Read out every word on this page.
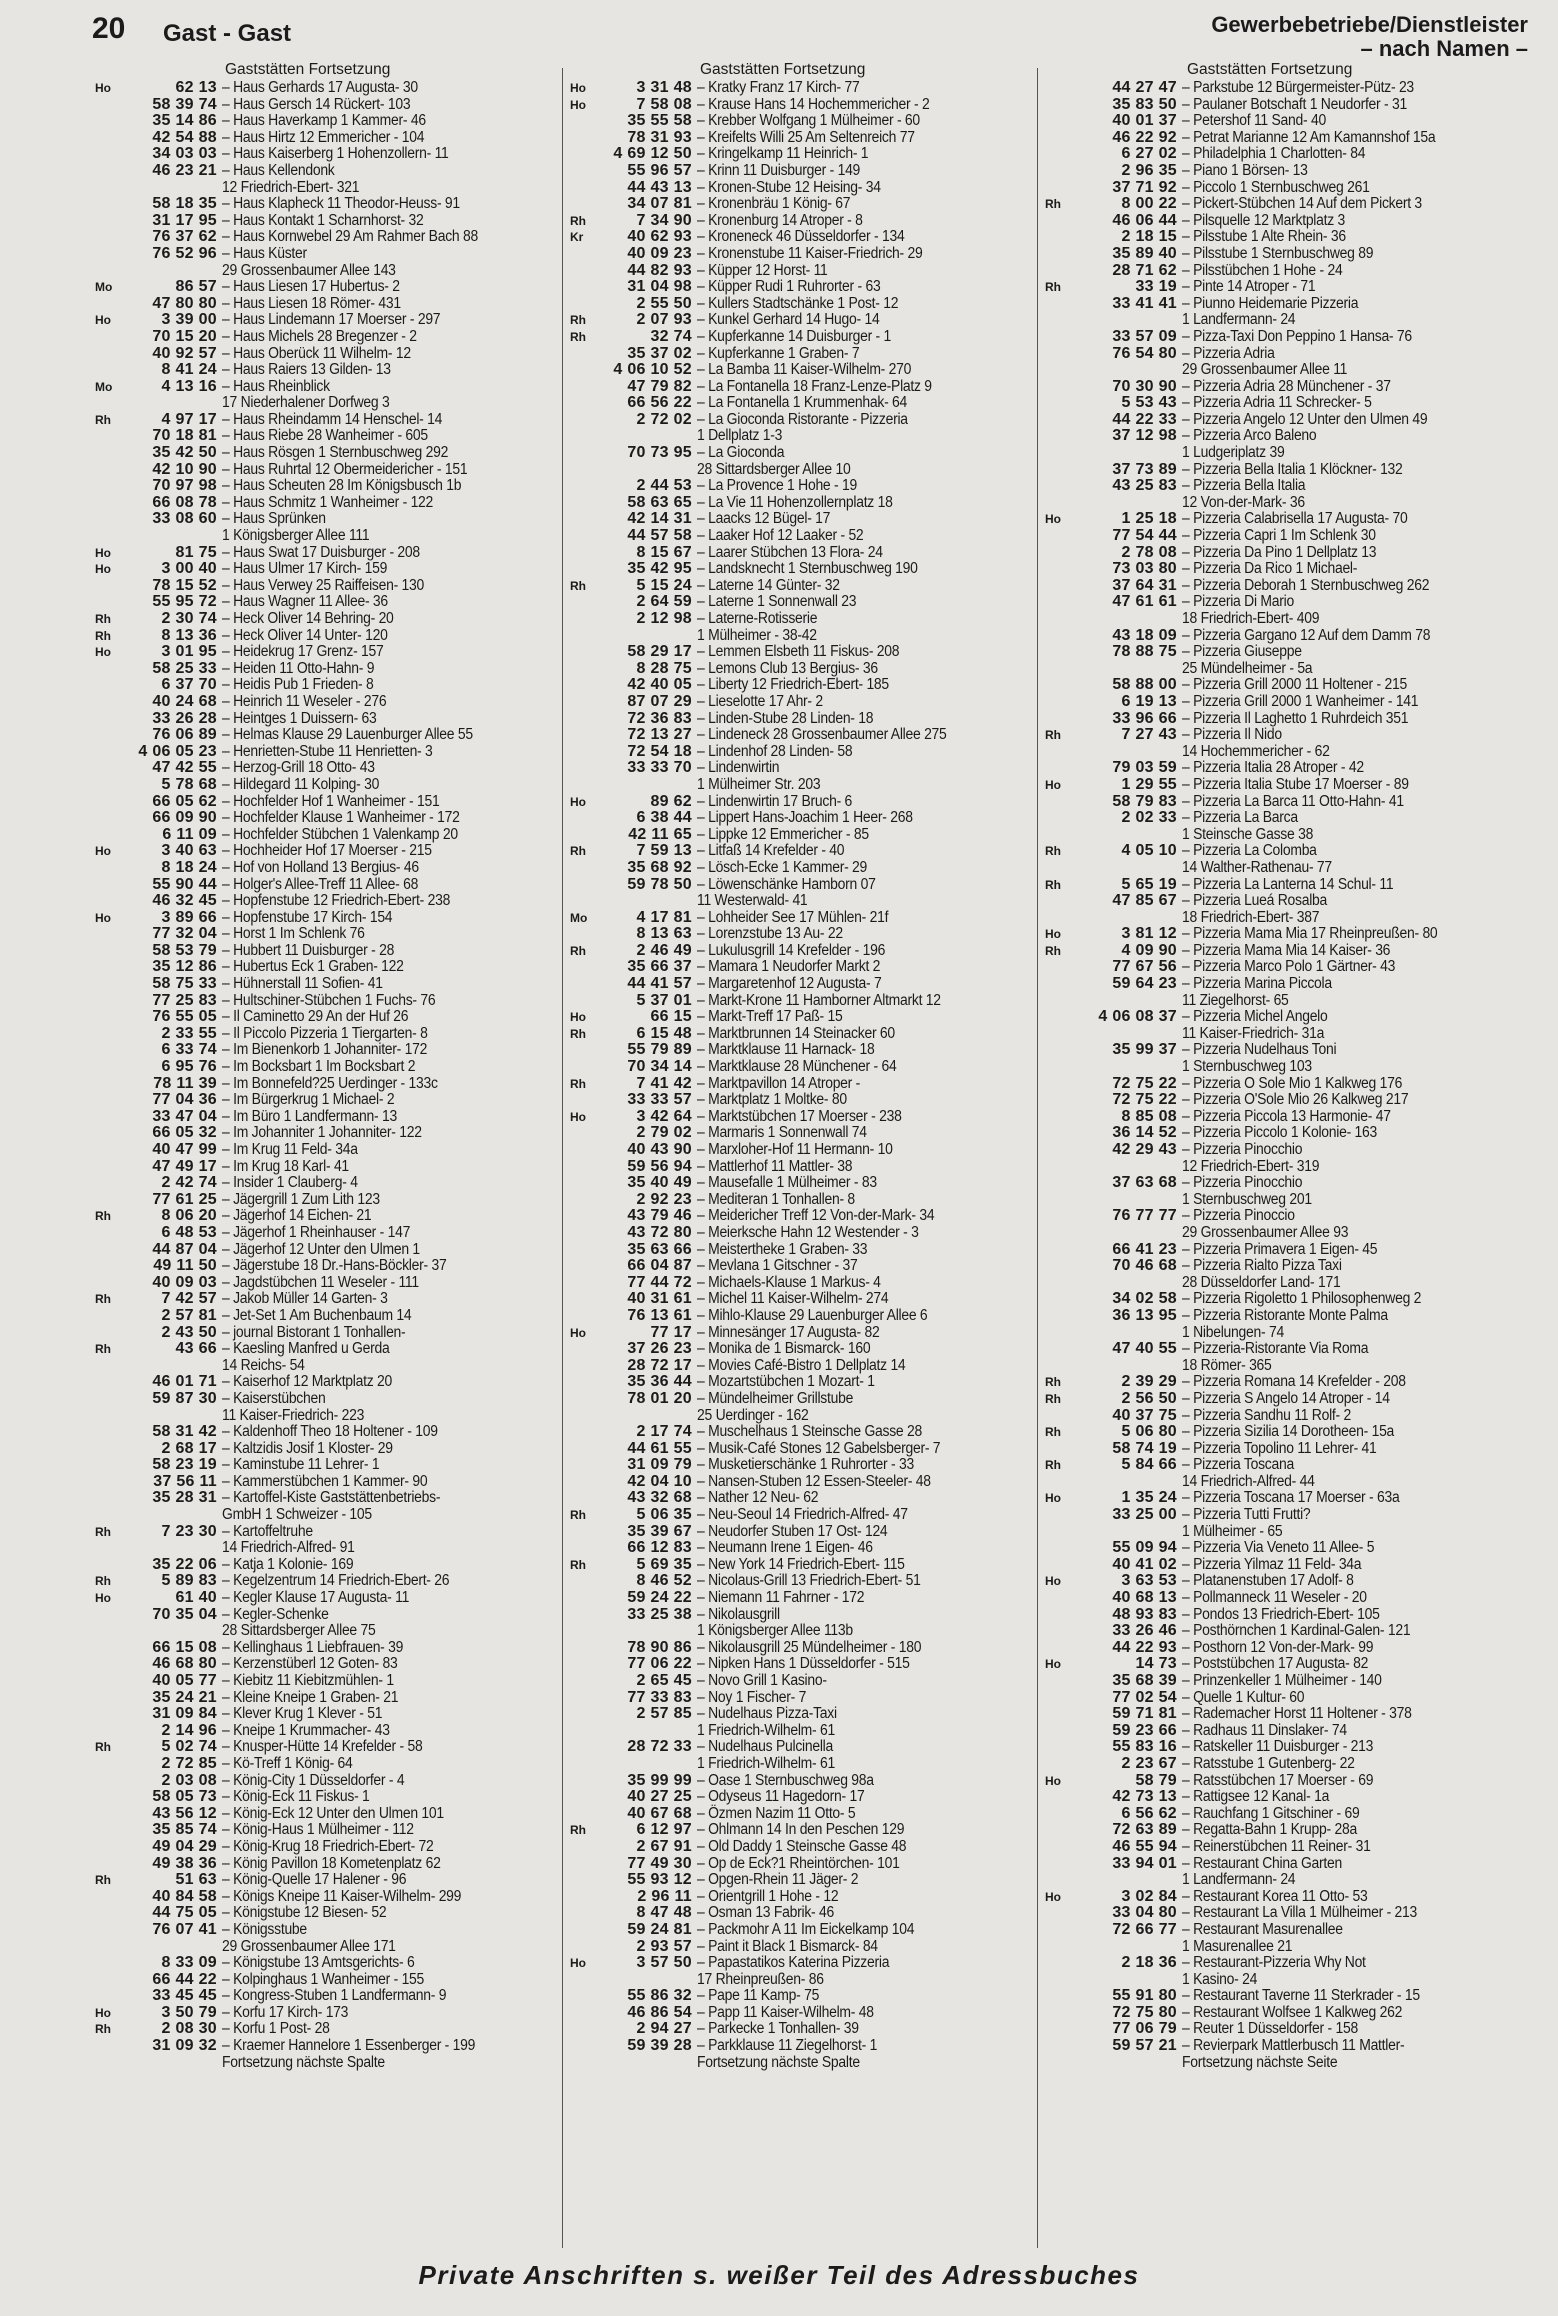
20 Gast - Gast	Gewerbebetriebe/Dienstleister
– nach Namen –
Gaststätten Fortsetzung
Ho	62 13 – Haus Gerhards 17 Augusta- 30
58 39 74 – Haus Gersch 14 Rückert- 103
35 14 86 – Haus Haverkamp 1 Kammer- 46
42 54 88 – Haus Hirtz 12 Emmericher - 104
34 03 03 – Haus Kaiserberg 1 Hohenzollern- 11
46 23 21 – Haus Kellendonk
12 Friedrich-Ebert- 321
58 18 35 – Haus Klapheck 11 Theodor-Heuss- 91
31 17 95 – Haus Kontakt 1 Scharnhorst- 32
76 37 62 – Haus Kornwebel 29 Am Rahmer Bach 88
76 52 96 – Haus Küster
29 Grossenbaumer Allee 143
Mo	86 57 – Haus Liesen 17 Hubertus- 2
47 80 80 – Haus Liesen 18 Römer- 431
Ho	3 39 00 – Haus Lindemann 17 Moerser - 297
70 15 20 – Haus Michels 28 Bregenzer - 2
40 92 57 – Haus Oberück 11 Wilhelm- 12
8 41 24 – Haus Raiers 13 Gilden- 13
Mo	4 13 16 – Haus Rheinblick
17 Niederhalener Dorfweg 3
Rh	4 97 17 – Haus Rheindamm 14 Henschel- 14
70 18 81 – Haus Riebe 28 Wanheimer - 605
35 42 50 – Haus Rösgen 1 Sternbuschweg 292
42 10 90 – Haus Ruhrtal 12 Obermeidericher - 151
70 97 98 – Haus Scheuten 28 Im Königsbusch 1b
66 08 78 – Haus Schmitz 1 Wanheimer - 122
33 08 60 – Haus Sprünken
1 Königsberger Allee 111
Ho	81 75 – Haus Swat 17 Duisburger - 208
Ho	3 00 40 – Haus Ulmer 17 Kirch- 159
78 15 52 – Haus Verwey 25 Raiffeisen- 130
55 95 72 – Haus Wagner 11 Allee- 36
Rh	2 30 74 – Heck Oliver 14 Behring- 20
Rh	8 13 36 – Heck Oliver 14 Unter- 120
Ho	3 01 95 – Heidekrug 17 Grenz- 157
58 25 33 – Heiden 11 Otto-Hahn- 9
6 37 70 – Heidis Pub 1 Frieden- 8
40 24 68 – Heinrich 11 Weseler - 276
33 26 28 – Heintges 1 Duissern- 63
76 06 89 – Helmas Klause 29 Lauenburger Allee 55
4 06 05 23 – Henrietten-Stube 11 Henrietten- 3
47 42 55 – Herzog-Grill 18 Otto- 43
5 78 68 – Hildegard 11 Kolping- 30
66 05 62 – Hochfelder Hof 1 Wanheimer - 151
66 09 90 – Hochfelder Klause 1 Wanheimer - 172
6 11 09 – Hochfelder Stübchen 1 Valenkamp 20
Ho	3 40 63 – Hochheider Hof 17 Moerser - 215
8 18 24 – Hof von Holland 13 Bergius- 46
55 90 44 – Holger's Allee-Treff 11 Allee- 68
46 32 45 – Hopfenstube 12 Friedrich-Ebert- 238
Ho	3 89 66 – Hopfenstube 17 Kirch- 154
77 32 04 – Horst 1 Im Schlenk 76
58 53 79 – Hubbert 11 Duisburger - 28
35 12 86 – Hubertus Eck 1 Graben- 122
58 75 33 – Hühnerstall 11 Sofien- 41
77 25 83 – Hultschiner-Stübchen 1 Fuchs- 76
76 55 05 – Il Caminetto 29 An der Huf 26
2 33 55 – Il Piccolo Pizzeria 1 Tiergarten- 8
6 33 74 – Im Bienenkorb 1 Johanniter- 172
6 95 76 – Im Bocksbart 1 Im Bocksbart 2
78 11 39 – Im Bonnefeld?25 Uerdinger - 133c
77 04 36 – Im Bürgerkrug 1 Michael- 2
33 47 04 – Im Büro 1 Landfermann- 13
66 05 32 – Im Johanniter 1 Johanniter- 122
40 47 99 – Im Krug 11 Feld- 34a
47 49 17 – Im Krug 18 Karl- 41
2 42 74 – Insider 1 Clauberg- 4
77 61 25 – Jägergrill 1 Zum Lith 123
Rh	8 06 20 – Jägerhof 14 Eichen- 21
6 48 53 – Jägerhof 1 Rheinhauser - 147
44 87 04 – Jägerhof 12 Unter den Ulmen 1
49 11 50 – Jägerstube 18 Dr.-Hans-Böckler- 37
40 09 03 – Jagdstübchen 11 Weseler - 111
Rh	7 42 57 – Jakob Müller 14 Garten- 3
2 57 81 – Jet-Set 1 Am Buchenbaum 14
2 43 50 – journal Bistorant 1 Tonhallen-
Rh	43 66 – Kaesling Manfred u Gerda
14 Reichs- 54
46 01 71 – Kaiserhof 12 Marktplatz 20
59 87 30 – Kaiserstübchen
11 Kaiser-Friedrich- 223
58 31 42 – Kaldenhoff Theo 18 Holtener - 109
2 68 17 – Kaltzidis Josif 1 Kloster- 29
58 23 19 – Kaminstube 11 Lehrer- 1
37 56 11 – Kammerstübchen 1 Kammer- 90
35 28 31 – Kartoffel-Kiste Gaststättenbetriebs-
GmbH 1 Schweizer - 105
Rh	7 23 30 – Kartoffeltruhe
14 Friedrich-Alfred- 91
35 22 06 – Katja 1 Kolonie- 169
Rh	5 89 83 – Kegelzentrum 14 Friedrich-Ebert- 26
Ho	61 40 – Kegler Klause 17 Augusta- 11
70 35 04 – Kegler-Schenke
28 Sittardsberger Allee 75
66 15 08 – Kellinghaus 1 Liebfrauen- 39
46 68 80 – Kerzenstüberl 12 Goten- 83
40 05 77 – Kiebitz 11 Kiebitzmühlen- 1
35 24 21 – Kleine Kneipe 1 Graben- 21
31 09 84 – Klever Krug 1 Klever - 51
2 14 96 – Kneipe 1 Krummacher- 43
Rh	5 02 74 – Knusper-Hütte 14 Krefelder - 58
2 72 85 – Kö-Treff 1 König- 64
2 03 08 – König-City 1 Düsseldorfer - 4
58 05 73 – König-Eck 11 Fiskus- 1
43 56 12 – König-Eck 12 Unter den Ulmen 101
35 85 74 – König-Haus 1 Mülheimer - 112
49 04 29 – König-Krug 18 Friedrich-Ebert- 72
49 38 36 – König Pavillon 18 Kometenplatz 62
Rh	51 63 – König-Quelle 17 Halener - 96
40 84 58 – Königs Kneipe 11 Kaiser-Wilhelm- 299
44 75 05 – Königstube 12 Biesen- 52
76 07 41 – Königsstube
29 Grossenbaumer Allee 171
8 33 09 – Königstube 13 Amtsgerichts- 6
66 44 22 – Kolpinghaus 1 Wanheimer - 155
33 45 45 – Kongress-Stuben 1 Landfermann- 9
Ho	3 50 79 – Korfu 17 Kirch- 173
Rh	2 08 30 – Korfu 1 Post- 28
31 09 32 – Kraemer Hannelore 1 Essenberger - 199
Fortsetzung nächste Spalte
Gaststätten Fortsetzung
Ho	3 31 48 – Kratky Franz 17 Kirch- 77
Ho	7 58 08 – Krause Hans 14 Hochemmericher - 2
35 55 58 – Krebber Wolfgang 1 Mülheimer - 60
78 31 93 – Kreifelts Willi 25 Am Seltenreich 77
4 69 12 50 – Kringelkamp 11 Heinrich- 1
55 96 57 – Krinn 11 Duisburger - 149
44 43 13 – Kronen-Stube 12 Heising- 34
34 07 81 – Kronenbräu 1 König- 67
Rh	7 34 90 – Kronenburg 14 Atroper - 8
Kr	40 62 93 – Kroneneck 46 Düsseldorfer - 134
40 09 23 – Kronenstube 11 Kaiser-Friedrich- 29
44 82 93 – Küpper 12 Horst- 11
31 04 98 – Küpper Rudi 1 Ruhrorter - 63
2 55 50 – Kullers Stadtschänke 1 Post- 12
Rh	2 07 93 – Kunkel Gerhard 14 Hugo- 14
Rh	32 74 – Kupferkanne 14 Duisburger - 1
35 37 02 – Kupferkanne 1 Graben- 7
4 06 10 52 – La Bamba 11 Kaiser-Wilhelm- 270
47 79 82 – La Fontanella 18 Franz-Lenze-Platz 9
66 56 22 – La Fontanella 1 Krummenhak- 64
2 72 02 – La Gioconda Ristorante - Pizzeria
1 Dellplatz 1-3
70 73 95 – La Gioconda
28 Sittardsberger Allee 10
2 44 53 – La Provence 1 Hohe - 19
58 63 65 – La Vie 11 Hohenzollernplatz 18
42 14 31 – Laacks 12 Bügel- 17
44 57 58 – Laaker Hof 12 Laaker - 52
8 15 67 – Laarer Stübchen 13 Flora- 24
35 42 95 – Landsknecht 1 Sternbuschweg 190
Rh	5 15 24 – Laterne 14 Günter- 32
2 64 59 – Laterne 1 Sonnenwall 23
2 12 98 – Laterne-Rotisserie
1 Mülheimer - 38-42
58 29 17 – Lemmen Elsbeth 11 Fiskus- 208
8 28 75 – Lemons Club 13 Bergius- 36
42 40 05 – Liberty 12 Friedrich-Ebert- 185
87 07 29 – Lieselotte 17 Ahr- 2
72 36 83 – Linden-Stube 28 Linden- 18
72 13 27 – Lindeneck 28 Grossenbaumer Allee 275
72 54 18 – Lindenhof 28 Linden- 58
33 33 70 – Lindenwirtin
1 Mülheimer Str. 203
Ho	89 62 – Lindenwirtin 17 Bruch- 6
6 38 44 – Lippert Hans-Joachim 1 Heer- 268
42 11 65 – Lippke 12 Emmericher - 85
Rh	7 59 13 – Litfaß 14 Krefelder - 40
35 68 92 – Lösch-Ecke 1 Kammer- 29
59 78 50 – Löwenschänke Hamborn 07
11 Westerwald- 41
Mo	4 17 81 – Lohheider See 17 Mühlen- 21f
8 13 63 – Lorenzstube 13 Au- 22
Rh	2 46 49 – Lukulusgrill 14 Krefelder - 196
35 66 37 – Mamara 1 Neudorfer Markt 2
44 41 57 – Margaretenhof 12 Augusta- 7
5 37 01 – Markt-Krone 11 Hamborner Altmarkt 12
Ho	66 15 – Markt-Treff 17 Paß- 15
Rh	6 15 48 – Marktbrunnen 14 Steinacker 60
55 79 89 – Marktklause 11 Harnack- 18
70 34 14 – Marktklause 28 Münchener - 64
Rh	7 41 42 – Marktpavillon 14 Atroper -
33 33 57 – Marktplatz 1 Moltke- 80
Ho	3 42 64 – Marktstübchen 17 Moerser - 238
2 79 02 – Marmaris 1 Sonnenwall 74
40 43 90 – Marxloher-Hof 11 Hermann- 10
59 56 94 – Mattlerhof 11 Mattler- 38
35 40 49 – Mausefalle 1 Mülheimer - 83
2 92 23 – Mediteran 1 Tonhallen- 8
43 79 46 – Meidericher Treff 12 Von-der-Mark- 34
43 72 80 – Meierksche Hahn 12 Westender - 3
35 63 66 – Meistertheke 1 Graben- 33
66 04 87 – Mevlana 1 Gitschner - 37
77 44 72 – Michaels-Klause 1 Markus- 4
40 31 61 – Michel 11 Kaiser-Wilhelm- 274
76 13 61 – Mihlo-Klause 29 Lauenburger Allee 6
Ho	77 17 – Minnesänger 17 Augusta- 82
37 26 23 – Monika de 1 Bismarck- 160
28 72 17 – Movies Café-Bistro 1 Dellplatz 14
35 36 44 – Mozartstübchen 1 Mozart- 1
78 01 20 – Mündelheimer Grillstube
25 Uerdinger - 162
2 17 74 – Muschelhaus 1 Steinsche Gasse 28
44 61 55 – Musik-Café Stones 12 Gabelsberger- 7
31 09 79 – Musketierschänke 1 Ruhrorter - 33
42 04 10 – Nansen-Stuben 12 Essen-Steeler- 48
43 32 68 – Nather 12 Neu- 62
Rh	5 06 35 – Neu-Seoul 14 Friedrich-Alfred- 47
35 39 67 – Neudorfer Stuben 17 Ost- 124
66 12 83 – Neumann Irene 1 Eigen- 46
Rh	5 69 35 – New York 14 Friedrich-Ebert- 115
8 46 52 – Nicolaus-Grill 13 Friedrich-Ebert- 51
59 24 22 – Niemann 11 Fahrner - 172
33 25 38 – Nikolausgrill
1 Königsberger Allee 113b
78 90 86 – Nikolausgrill 25 Mündelheimer - 180
77 06 22 – Nipken Hans 1 Düsseldorfer - 515
2 65 45 – Novo Grill 1 Kasino-
77 33 83 – Noy 1 Fischer- 7
2 57 85 – Nudelhaus Pizza-Taxi
1 Friedrich-Wilhelm- 61
28 72 33 – Nudelhaus Pulcinella
1 Friedrich-Wilhelm- 61
35 99 99 – Oase 1 Sternbuschweg 98a
40 27 25 – Odyseus 11 Hagedorn- 17
40 67 68 – Özmen Nazim 11 Otto- 5
Rh	6 12 97 – Ohlmann 14 In den Peschen 129
2 67 91 – Old Daddy 1 Steinsche Gasse 48
77 49 30 – Op de Eck?1 Rheintörchen- 101
55 93 12 – Opgen-Rhein 11 Jäger- 2
2 96 11 – Orientgrill 1 Hohe - 12
8 47 48 – Osman 13 Fabrik- 46
59 24 81 – Packmohr A 11 Im Eickelkamp 104
2 93 57 – Paint it Black 1 Bismarck- 84
Ho	3 57 50 – Papastatikos Katerina Pizzeria
17 Rheinpreußen- 86
55 86 32 – Pape 11 Kamp- 75
46 86 54 – Papp 11 Kaiser-Wilhelm- 48
2 94 27 – Parkecke 1 Tonhallen- 39
59 39 28 – Parkklause 11 Ziegelhorst- 1
Fortsetzung nächste Spalte
Gaststätten Fortsetzung
44 27 47 – Parkstube 12 Bürgermeister-Pütz- 23
35 83 50 – Paulaner Botschaft 1 Neudorfer - 31
40 01 37 – Petershof 11 Sand- 40
46 22 92 – Petrat Marianne 12 Am Kamannshof 15a
6 27 02 – Philadelphia 1 Charlotten- 84
2 96 35 – Piano 1 Börsen- 13
37 71 92 – Piccolo 1 Sternbuschweg 261
Rh	8 00 22 – Pickert-Stübchen 14 Auf dem Pickert 3
46 06 44 – Pilsquelle 12 Marktplatz 3
2 18 15 – Pilsstube 1 Alte Rhein- 36
35 89 40 – Pilsstube 1 Sternbuschweg 89
28 71 62 – Pilsstübchen 1 Hohe - 24
Rh	33 19 – Pinte 14 Atroper - 71
33 41 41 – Piunno Heidemarie Pizzeria
1 Landfermann- 24
33 57 09 – Pizza-Taxi Don Peppino 1 Hansa- 76
76 54 80 – Pizzeria Adria
29 Grossenbaumer Allee 11
70 30 90 – Pizzeria Adria 28 Münchener - 37
5 53 43 – Pizzeria Adria 11 Schrecker- 5
44 22 33 – Pizzeria Angelo 12 Unter den Ulmen 49
37 12 98 – Pizzeria Arco Baleno
1 Ludgeriplatz 39
37 73 89 – Pizzeria Bella Italia 1 Klöckner- 132
43 25 83 – Pizzeria Bella Italia
12 Von-der-Mark- 36
Ho	1 25 18 – Pizzeria Calabrisella 17 Augusta- 70
77 54 44 – Pizzeria Capri 1 Im Schlenk 30
2 78 08 – Pizzeria Da Pino 1 Dellplatz 13
73 03 80 – Pizzeria Da Rico 1 Michael-
37 64 31 – Pizzeria Deborah 1 Sternbuschweg 262
47 61 61 – Pizzeria Di Mario
18 Friedrich-Ebert- 409
43 18 09 – Pizzeria Gargano 12 Auf dem Damm 78
78 88 75 – Pizzeria Giuseppe
25 Mündelheimer - 5a
58 88 00 – Pizzeria Grill 2000 11 Holtener - 215
6 19 13 – Pizzeria Grill 2000 1 Wanheimer - 141
33 96 66 – Pizzeria Il Laghetto 1 Ruhrdeich 351
Rh	7 27 43 – Pizzeria Il Nido
14 Hochemmericher - 62
79 03 59 – Pizzeria Italia 28 Atroper - 42
Ho	1 29 55 – Pizzeria Italia Stube 17 Moerser - 89
58 79 83 – Pizzeria La Barca 11 Otto-Hahn- 41
2 02 33 – Pizzeria La Barca
1 Steinsche Gasse 38
Rh	4 05 10 – Pizzeria La Colomba
14 Walther-Rathenau- 77
Rh	5 65 19 – Pizzeria La Lanterna 14 Schul- 11
47 85 67 – Pizzeria Lueá Rosalba
18 Friedrich-Ebert- 387
Ho	3 81 12 – Pizzeria Mama Mia 17 Rheinpreußen- 80
Rh	4 09 90 – Pizzeria Mama Mia 14 Kaiser- 36
77 67 56 – Pizzeria Marco Polo 1 Gärtner- 43
59 64 23 – Pizzeria Marina Piccola
11 Ziegelhorst- 65
4 06 08 37 – Pizzeria Michel Angelo
11 Kaiser-Friedrich- 31a
35 99 37 – Pizzeria Nudelhaus Toni
1 Sternbuschweg 103
72 75 22 – Pizzeria O Sole Mio 1 Kalkweg 176
72 75 22 – Pizzeria O'Sole Mio 26 Kalkweg 217
8 85 08 – Pizzeria Piccola 13 Harmonie- 47
36 14 52 – Pizzeria Piccolo 1 Kolonie- 163
42 29 43 – Pizzeria Pinocchio
12 Friedrich-Ebert- 319
37 63 68 – Pizzeria Pinocchio
1 Sternbuschweg 201
76 77 77 – Pizzeria Pinoccio
29 Grossenbaumer Allee 93
66 41 23 – Pizzeria Primavera 1 Eigen- 45
70 46 68 – Pizzeria Rialto Pizza Taxi
28 Düsseldorfer Land- 171
34 02 58 – Pizzeria Rigoletto 1 Philosophenweg 2
36 13 95 – Pizzeria Ristorante Monte Palma
1 Nibelungen- 74
47 40 55 – Pizzeria-Ristorante Via Roma
18 Römer- 365
Rh	2 39 29 – Pizzeria Romana 14 Krefelder - 208
Rh	2 56 50 – Pizzeria S Angelo 14 Atroper - 14
40 37 75 – Pizzeria Sandhu 11 Rolf- 2
Rh	5 06 80 – Pizzeria Sizilia 14 Dorotheen- 15a
58 74 19 – Pizzeria Topolino 11 Lehrer- 41
Rh	5 84 66 – Pizzeria Toscana
14 Friedrich-Alfred- 44
Ho	1 35 24 – Pizzeria Toscana 17 Moerser - 63a
33 25 00 – Pizzeria Tutti Frutti?
1 Mülheimer - 65
55 09 94 – Pizzeria Via Veneto 11 Allee- 5
40 41 02 – Pizzeria Yilmaz 11 Feld- 34a
Ho	3 63 53 – Platanenstuben 17 Adolf- 8
40 68 13 – Pollmanneck 11 Weseler - 20
48 93 83 – Pondos 13 Friedrich-Ebert- 105
33 26 46 – Posthörnchen 1 Kardinal-Galen- 121
44 22 93 – Posthorn 12 Von-der-Mark- 99
Ho	14 73 – Poststübchen 17 Augusta- 82
35 68 39 – Prinzenkeller 1 Mülheimer - 140
77 02 54 – Quelle 1 Kultur- 60
59 71 81 – Rademacher Horst 11 Holtener - 378
59 23 66 – Radhaus 11 Dinslaker- 74
55 83 16 – Ratskeller 11 Duisburger - 213
2 23 67 – Ratsstube 1 Gutenberg- 22
Ho	58 79 – Ratsstübchen 17 Moerser - 69
42 73 13 – Rattigsee 12 Kanal- 1a
6 56 62 – Rauchfang 1 Gitschiner - 69
72 63 89 – Regatta-Bahn 1 Krupp- 28a
46 55 94 – Reinerstübchen 11 Reiner- 31
33 94 01 – Restaurant China Garten
1 Landfermann- 24
Ho	3 02 84 – Restaurant Korea 11 Otto- 53
33 04 80 – Restaurant La Villa 1 Mülheimer - 213
72 66 77 – Restaurant Masurenallee
1 Masurenallee 21
2 18 36 – Restaurant-Pizzeria Why Not
1 Kasino- 24
55 91 80 – Restaurant Taverne 11 Sterkrader - 15
72 75 80 – Restaurant Wolfsee 1 Kalkweg 262
77 06 79 – Reuter 1 Düsseldorfer - 158
59 57 21 – Revierpark Mattlerbusch 11 Mattler-
Fortsetzung nächste Seite
Private Anschriften s. weißer Teil des Adressbuches
